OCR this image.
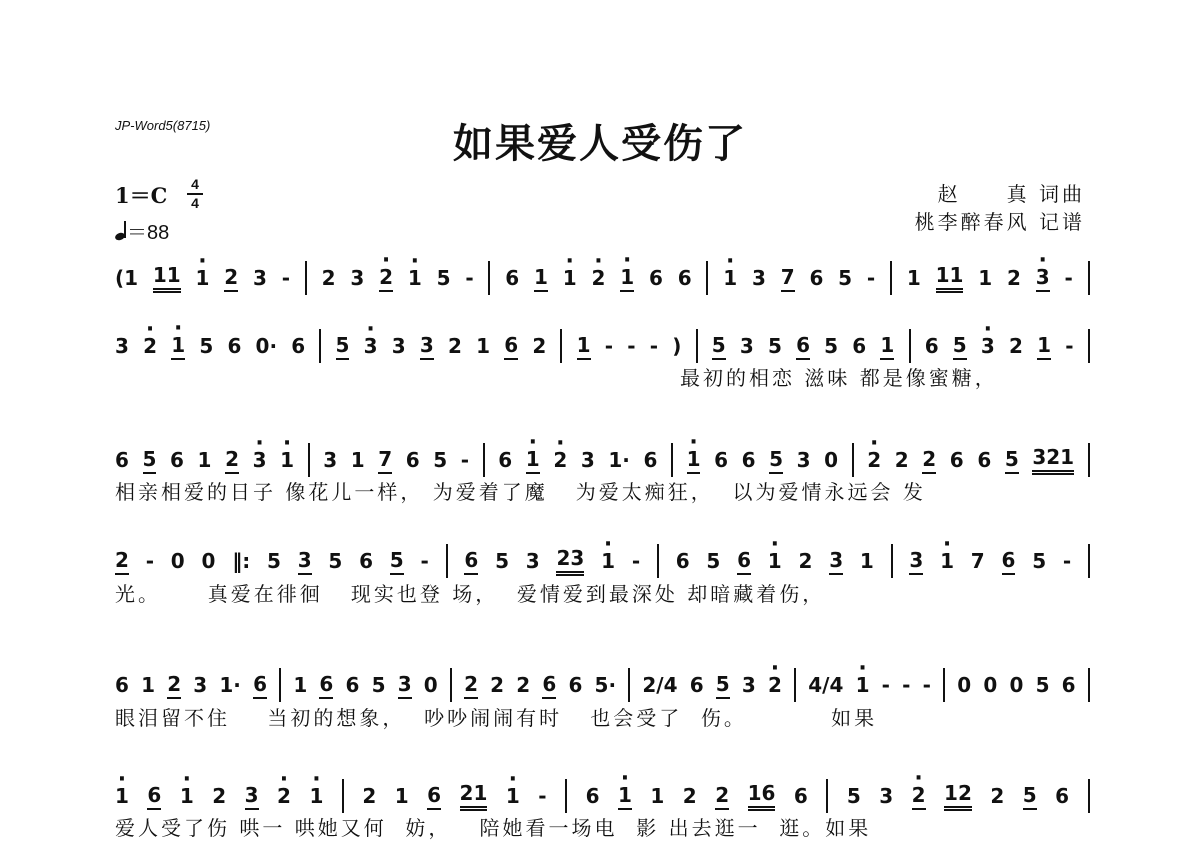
JP-Word5(8715)	如果爱人受伤了
1＝C	4
4
＝88
赵　　真 词曲
桃李醉春风 记谱
(1 11 · 1 2 3 - 2 3 · 2 · 1 5 - 6 1 · 1 · 2 · 1 6 6 · 1 3 7 6 5 - 1 11 1 2 · 3 -
3 · 2 · 1 5 6 0· 6 5 · 3 3 3 2 1 6 2 1 - - - ) 5 3 5 6 5 6 1 6 5 · 3 2 1 -
最初的相恋 滋味 都是像蜜糖，
6 5 6 1 2 · 3 · 1 3 1 7 6 5 - 6 · 1 · 2 3 1· 6 · 1 6 6 5 3 0 · 2 2 2 6 6 5 321
相亲相爱的日子 像花儿一样， 为爱着了魔   为爱太痴狂，  以为爱情永远会 发
2 - 0 0 ‖: 5 3 5 6 5 - 6 5 3 23 · 1 - 6 5 6 · 1 2 3 1 3 · 1 7 6 5 -
光。     真爱在徘徊   现实也登 场，  爱情爱到最深处 却暗藏着伤，
6 1 2 3 1· 6 1 6 6 5 3 0 2 2 2 6 6 5· 2/4 6 5 3 · 2 4/4 · 1 - - - 0 0 0 5 6
眼泪留不住    当初的想象，  吵吵闹闹有时   也会受了  伤。         如果
· 1 6 · 1 2 3 · 2 · 1 2 1 6 21 · 1 - 6 · 1 1 2 2 16 6 5 3 · 2 12 2 5 6
爱人受了伤 哄一 哄她又何  妨，   陪她看一场电  影 出去逛一  逛。如果
